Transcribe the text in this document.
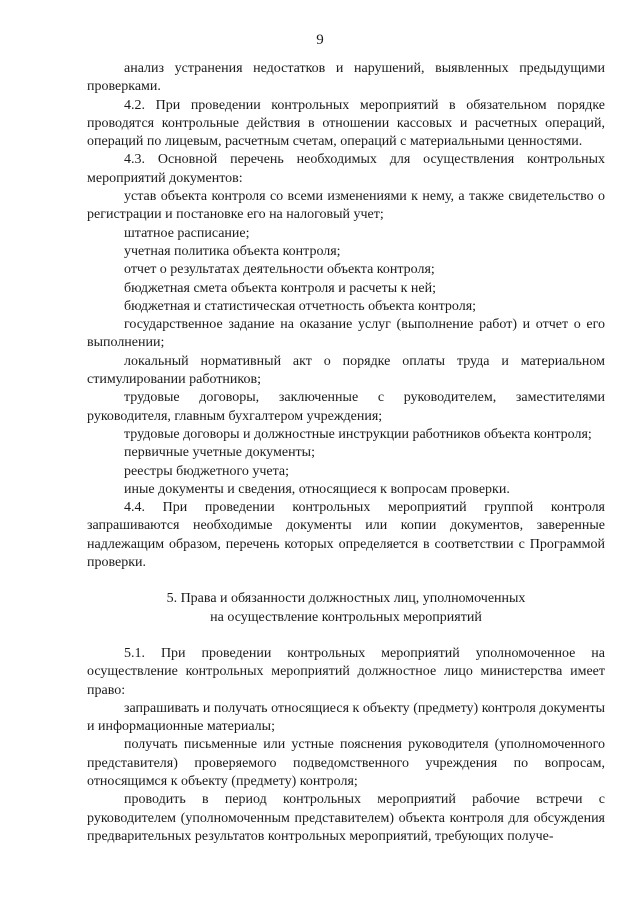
9

анализ устранения недостатков и нарушений, выявленных предыдущими проверками.

4.2. При проведении контрольных мероприятий в обязательном порядке проводятся контрольные действия в отношении кассовых и расчетных операций, операций по лицевым, расчетным счетам, операций с материальными ценностями.

4.3. Основной перечень необходимых для осуществления контрольных мероприятий документов:

устав объекта контроля со всеми изменениями к нему, а также свидетельство о регистрации и постановке его на налоговый учет;

штатное расписание;

учетная политика объекта контроля;

отчет о результатах деятельности объекта контроля;

бюджетная смета объекта контроля и расчеты к ней;

бюджетная и статистическая отчетность объекта контроля;

государственное задание на оказание услуг (выполнение работ) и отчет о его выполнении;

локальный нормативный акт о порядке оплаты труда и материальном стимулировании работников;

трудовые договоры, заключенные с руководителем, заместителями руководителя, главным бухгалтером учреждения;

трудовые договоры и должностные инструкции работников объекта контроля;

первичные учетные документы;

реестры бюджетного учета;

иные документы и сведения, относящиеся к вопросам проверки.

4.4. При проведении контрольных мероприятий группой контроля запрашиваются необходимые документы или копии документов, заверенные надлежащим образом, перечень которых определяется в соответствии с Программой проверки.

5. Права и обязанности должностных лиц, уполномоченных
на осуществление контрольных мероприятий

5.1. При проведении контрольных мероприятий уполномоченное на осуществление контрольных мероприятий должностное лицо министерства имеет право:

запрашивать и получать относящиеся к объекту (предмету) контроля документы и информационные материалы;

получать письменные или устные пояснения руководителя (уполномоченного представителя) проверяемого подведомственного учреждения по вопросам, относящимся к объекту (предмету) контроля;

проводить в период контрольных мероприятий рабочие встречи с руководителем (уполномоченным представителем) объекта контроля для обсуждения предварительных результатов контрольных мероприятий, требующих получе-
